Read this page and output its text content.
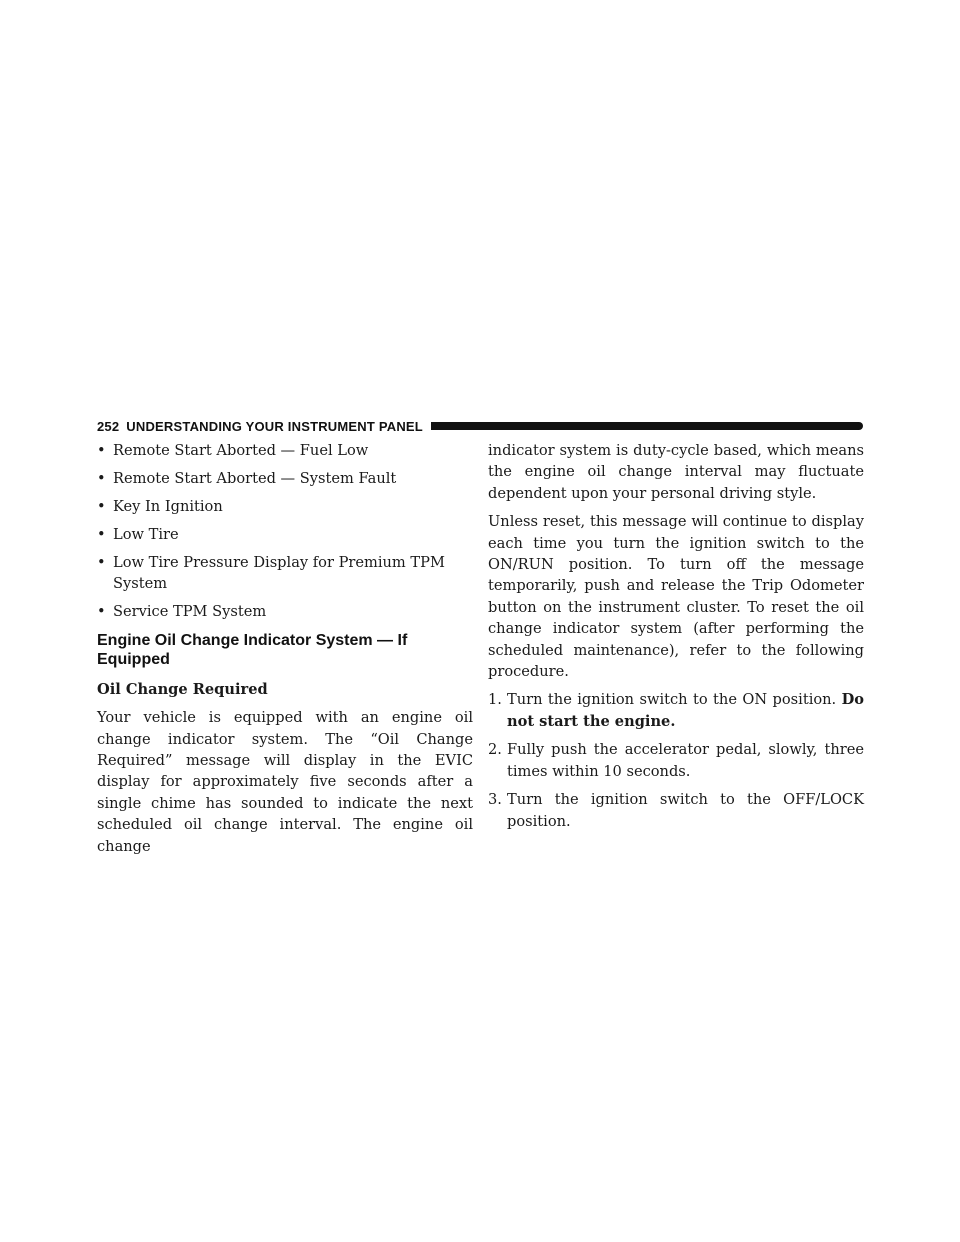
252 UNDERSTANDING YOUR INSTRUMENT PANEL
• Remote Start Aborted — Fuel Low
• Remote Start Aborted — System Fault
• Key In Ignition
• Low Tire
• Low Tire Pressure Display for Premium TPM System
• Service TPM System
Engine Oil Change Indicator System — If Equipped
Oil Change Required

Your vehicle is equipped with an engine oil change indicator system. The “Oil Change Required” message will display in the EVIC display for approximately five seconds after a single chime has sounded to indicate the next scheduled oil change interval. The engine oil change

indicator system is duty-cycle based, which means the engine oil change interval may fluctuate dependent upon your personal driving style.

Unless reset, this message will continue to display each time you turn the ignition switch to the ON/RUN position. To turn off the message temporarily, push and release the Trip Odometer button on the instrument cluster. To reset the oil change indicator system (after performing the scheduled maintenance), refer to the following procedure.

1. Turn the ignition switch to the ON position. Do not start the engine.
2. Fully push the accelerator pedal, slowly, three times within 10 seconds.
3. Turn the ignition switch to the OFF/LOCK position.
